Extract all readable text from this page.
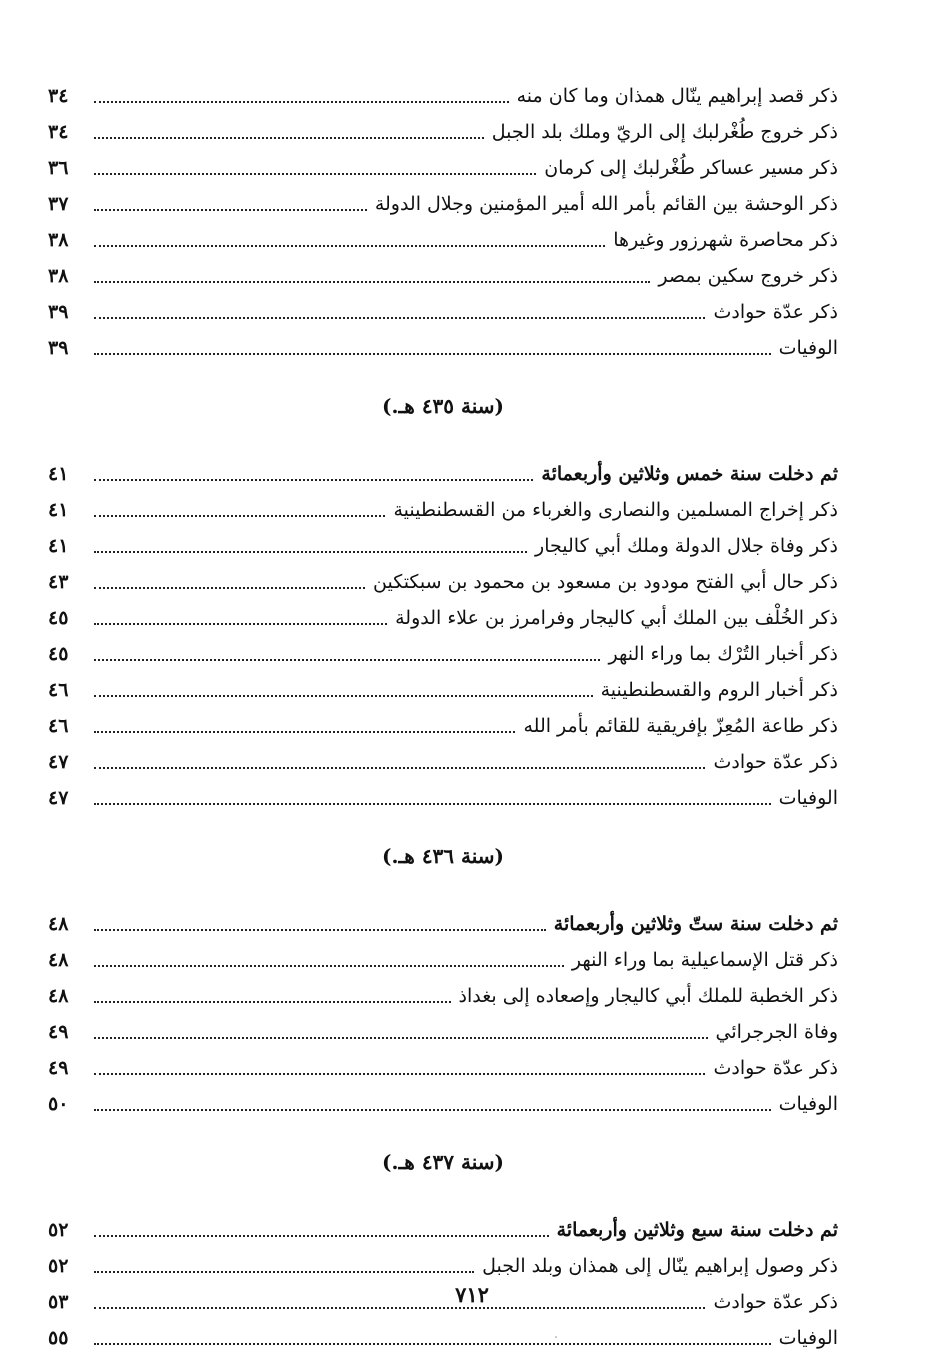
ذكر قصد إبراهيم ينّال همذان وما كان منه
٣٤
ذكر خروج طُغْرلبك إلى الريّ وملك بلد الجبل
٣٤
ذكر مسير عساكر طُغْرلبك إلى كرمان
٣٦
ذكر الوحشة بين القائم بأمر الله أمير المؤمنين وجلال الدولة
٣٧
ذكر محاصرة شهرزور وغيرها
٣٨
ذكر خروج سكين بمصر
٣٨
ذكر عدّة حوادث
٣٩
الوفيات
٣٩
(سنة ٤٣٥ هـ.)
ثم دخلت سنة خمس وثلاثين وأربعمائة
٤١
ذكر إخراج المسلمين والنصارى والغرباء من القسطنطينية
٤١
ذكر وفاة جلال الدولة وملك أبي كاليجار
٤١
ذكر حال أبي الفتح مودود بن مسعود بن محمود بن سبكتكين
٤٣
ذكر الخُلْف بين الملك أبي كاليجار وفرامرز بن علاء الدولة
٤٥
ذكر أخبار التُرْك بما وراء النهر
٤٥
ذكر أخبار الروم والقسطنطينية
٤٦
ذكر طاعة المُعِزّ بإفريقية للقائم بأمر الله
٤٦
ذكر عدّة حوادث
٤٧
الوفيات
٤٧
(سنة ٤٣٦ هـ.)
ثم دخلت سنة ستّ وثلاثين وأربعمائة
٤٨
ذكر قتل الإسماعيلية بما وراء النهر
٤٨
ذكر الخطبة للملك أبي كاليجار وإصعاده إلى بغداذ
٤٨
وفاة الجرجرائي
٤٩
ذكر عدّة حوادث
٤٩
الوفيات
٥٠
(سنة ٤٣٧ هـ.)
ثم دخلت سنة سبع وثلاثين وأربعمائة
٥٢
ذكر وصول إبراهيم ينّال إلى همذان وبلد الجبل
٥٢
ذكر عدّة حوادث
٥٣
الوفيات
٥٥
٧١٢
